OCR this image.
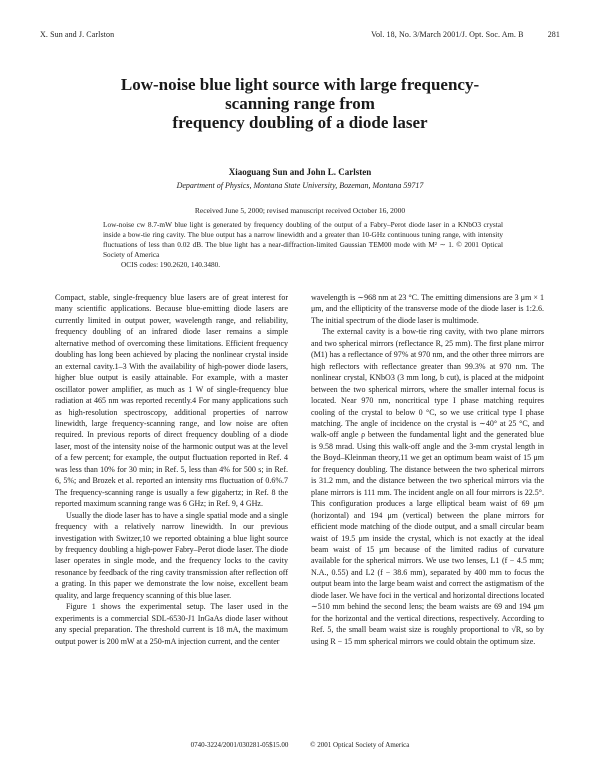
X. Sun and J. Carlston	Vol. 18, No. 3/March 2001/J. Opt. Soc. Am. B	281
Low-noise blue light source with large frequency-
scanning range from
frequency doubling of a diode laser
Xiaoguang Sun and John L. Carlsten
Department of Physics, Montana State University, Bozeman, Montana 59717
Received June 5, 2000; revised manuscript received October 16, 2000
Low-noise cw 8.7-mW blue light is generated by frequency doubling of the output of a Fabry–Perot diode laser in a KNbO3 crystal inside a bow-tie ring cavity. The blue output has a narrow linewidth and a greater than 10-GHz continuous tuning range, with intensity fluctuations of less than 0.02 dB. The blue light has a near-diffraction-limited Gaussian TEM00 mode with M² ∼ 1. © 2001 Optical Society of America
OCIS codes: 190.2620, 140.3480.

Compact, stable, single-frequency blue lasers are of great interest for many scientific applications. Because blue-emitting diode lasers are currently limited in output power, wavelength range, and reliability, frequency doubling of an infrared diode laser remains a simple alternative method of overcoming these limitations. Efficient frequency doubling has long been achieved by placing the nonlinear crystal inside an external cavity.1–3 With the availability of high-power diode lasers, higher blue output is easily attainable. For example, with a master oscillator power amplifier, as much as 1 W of single-frequency blue radiation at 465 nm was reported recently.4 For many applications such as high-resolution spectroscopy, additional properties of narrow linewidth, large frequency-scanning range, and low noise are often required. In previous reports of direct frequency doubling of a diode laser, most of the intensity noise of the harmonic output was at the level of a few percent; for example, the output fluctuation reported in Ref. 4 was less than 10% for 30 min; in Ref. 5, less than 4% for 500 s; in Ref. 6, 5%; and Brozek et al. reported an intensity rms fluctuation of 0.6%.7 The frequency-scanning range is usually a few gigahertz; in Ref. 8 the reported maximum scanning range was 6 GHz; in Ref. 9, 4 GHz.

Usually the diode laser has to have a single spatial mode and a single frequency with a relatively narrow linewidth. In our previous investigation with Switzer,10 we reported obtaining a blue light source by frequency doubling a high-power Fabry–Perot diode laser. The diode laser operates in single mode, and the frequency locks to the cavity resonance by feedback of the ring cavity transmission after reflection off a grating. In this paper we demonstrate the low noise, excellent beam quality, and large frequency scanning of this blue laser.

Figure 1 shows the experimental setup. The laser used in the experiments is a commercial SDL-6530-J1 InGaAs diode laser without any special preparation. The threshold current is 18 mA, the maximum output power is 200 mW at a 250-mA injection current, and the center

wavelength is ∼968 nm at 23 °C. The emitting dimensions are 3 μm × 1 μm, and the ellipticity of the transverse mode of the diode laser is 1:2.6. The initial spectrum of the diode laser is multimode.

The external cavity is a bow-tie ring cavity, with two plane mirrors and two spherical mirrors (reflectance R, 25 mm). The first plane mirror (M1) has a reflectance of 97% at 970 nm, and the other three mirrors are high reflectors with reflectance greater than 99.3% at 970 nm. The nonlinear crystal, KNbO3 (3 mm long, b cut), is placed at the midpoint between the two spherical mirrors, where the smaller internal focus is located. Near 970 nm, noncritical type I phase matching requires cooling of the crystal to below 0 °C, so we use critical type I phase matching. The angle of incidence on the crystal is ∼40° at 25 °C, and walk-off angle ρ between the fundamental light and the generated blue is 9.58 mrad. Using this walk-off angle and the 3-mm crystal length in the Boyd–Kleinman theory,11 we get an optimum beam waist of 15 μm for frequency doubling. The distance between the two spherical mirrors is 31.2 mm, and the distance between the two spherical mirrors via the plane mirrors is 111 mm. The incident angle on all four mirrors is 22.5°. This configuration produces a large elliptical beam waist of 69 μm (horizontal) and 194 μm (vertical) between the plane mirrors for efficient mode matching of the diode output, and a small circular beam waist of 19.5 μm inside the crystal, which is not exactly at the ideal beam waist of 15 μm because of the limited radius of curvature available for the spherical mirrors. We use two lenses, L1 (f − 4.5 mm; N.A., 0.55) and L2 (f − 38.6 mm), separated by 400 mm to focus the output beam into the large beam waist and correct the astigmatism of the diode laser. We have foci in the vertical and horizontal directions located ∼510 mm behind the second lens; the beam waists are 69 and 194 μm for the horizontal and the vertical directions, respectively. According to Ref. 5, the small beam waist size is roughly proportional to √R, so by using R − 15 mm spherical mirrors we could obtain the optimum size.

0740-3224/2001/030281-05$15.00	© 2001 Optical Society of America
